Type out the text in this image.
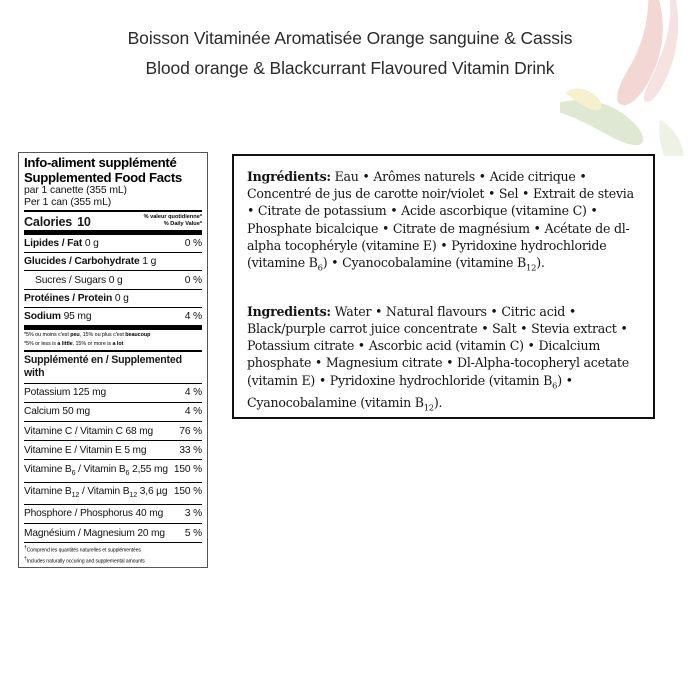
Boisson Vitaminée Aromatisée Orange sanguine & Cassis
Blood orange & Blackcurrant Flavoured Vitamin Drink
Info-aliment supplémenté
Supplemented Food Facts
par 1 canette (355 mL)
Per 1 can (355 mL)
Calories 10	% valeur quotidienne*
% Daily Value*
Lipides / Fat 0 g	0 %
Glucides / Carbohydrate 1 g
Sucres / Sugars 0 g	0 %
Protéines / Protein 0 g
Sodium 95 mg	4 %
*5% ou moins c'est peu, 15% ou plus c'est beaucoup
*5% or less is a little, 15% or more is a lot
Supplémenté en / Supplemented with
Potassium 125 mg	4 %
Calcium 50 mg	4 %
Vitamine C / Vitamin C 68 mg	76 %
Vitamine E / Vitamin E 5 mg	33 %
Vitamine $B_6$ / Vitamin $B_6$ 2,55 mg 150 %
Vitamine $B_{12}$ / Vitamin $B_{12}$ 3,6 µg 150 %
Phosphore / Phosphorus 40 mg 3 %
Magnésium / Magnesium 20 mg 5 %
†Comprend les quantités naturelles et supplémentées
†Includes naturally occuring and supplemental amounts
Ingrédients: Eau • Arômes naturels • Acide citrique • Concentré de jus de carotte noir/violet • Sel • Extrait de stevia • Citrate de potassium • Acide ascorbique (vitamine C) • Phosphate bicalcique • Citrate de magnésium • Acétate de dl-alpha tocophéryle (vitamine E) • Pyridoxine hydrochloride (vitamine $B_6$) • Cyanocobalamine (vitamine $B_{12}$).
Ingredients: Water • Natural flavours • Citric acid • Black/purple carrot juice concentrate • Salt • Stevia extract • Potassium citrate • Ascorbic acid (vitamin C) • Dicalcium phosphate • Magnesium citrate • Dl-Alpha-tocopheryl acetate (vitamin E) • Pyridoxine hydrochloride (vitamin $B_6$) • Cyanocobalamine (vitamin $B_{12}$).
